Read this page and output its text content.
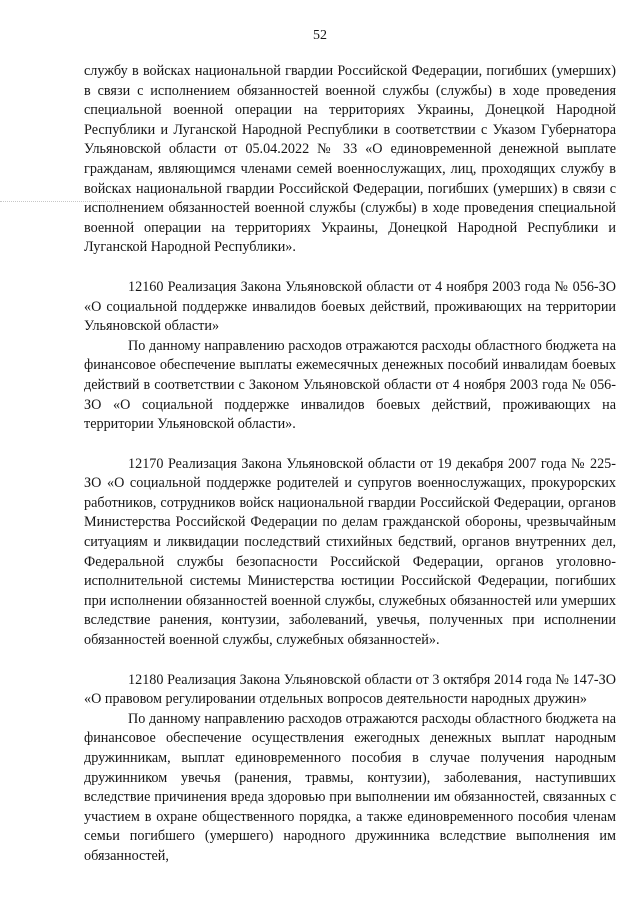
52

службу в войсках национальной гвардии Российской Федерации, погибших (умерших) в связи с исполнением обязанностей военной службы (службы) в ходе проведения специальной военной операции на территориях Украины, Донецкой Народной Республики и Луганской Народной Республики в соответствии с Указом Губернатора Ульяновской области от 05.04.2022 № 33 «О единовременной денежной выплате гражданам, являющимся членами семей военнослужащих, лиц, проходящих службу в войсках национальной гвардии Российской Федерации, погибших (умерших) в связи с исполнением обязанностей военной службы (службы) в ходе проведения специальной военной операции на территориях Украины, Донецкой Народной Республики и Луганской Народной Республики».

12160 Реализация Закона Ульяновской области от 4 ноября 2003 года № 056-ЗО «О социальной поддержке инвалидов боевых действий, проживающих на территории Ульяновской области»

По данному направлению расходов отражаются расходы областного бюджета на финансовое обеспечение выплаты ежемесячных денежных пособий инвалидам боевых действий в соответствии с Законом Ульяновской области от 4 ноября 2003 года № 056-ЗО «О социальной поддержке инвалидов боевых действий, проживающих на территории Ульяновской области».

12170 Реализация Закона Ульяновской области от 19 декабря 2007 года № 225-ЗО «О социальной поддержке родителей и супругов военнослужащих, прокурорских работников, сотрудников войск национальной гвардии Российской Федерации, органов Министерства Российской Федерации по делам гражданской обороны, чрезвычайным ситуациям и ликвидации последствий стихийных бедствий, органов внутренних дел, Федеральной службы безопасности Российской Федерации, органов уголовно-исполнительной системы Министерства юстиции Российской Федерации, погибших при исполнении обязанностей военной службы, служебных обязанностей или умерших вследствие ранения, контузии, заболеваний, увечья, полученных при исполнении обязанностей военной службы, служебных обязанностей».

12180 Реализация Закона Ульяновской области от 3 октября 2014 года № 147-ЗО «О правовом регулировании отдельных вопросов деятельности народных дружин»

По данному направлению расходов отражаются расходы областного бюджета на финансовое обеспечение осуществления ежегодных денежных выплат народным дружинникам, выплат единовременного пособия в случае получения народным дружинником увечья (ранения, травмы, контузии), заболевания, наступивших вследствие причинения вреда здоровью при выполнении им обязанностей, связанных с участием в охране общественного порядка, а также единовременного пособия членам семьи погибшего (умершего) народного дружинника вследствие выполнения им обязанностей,
